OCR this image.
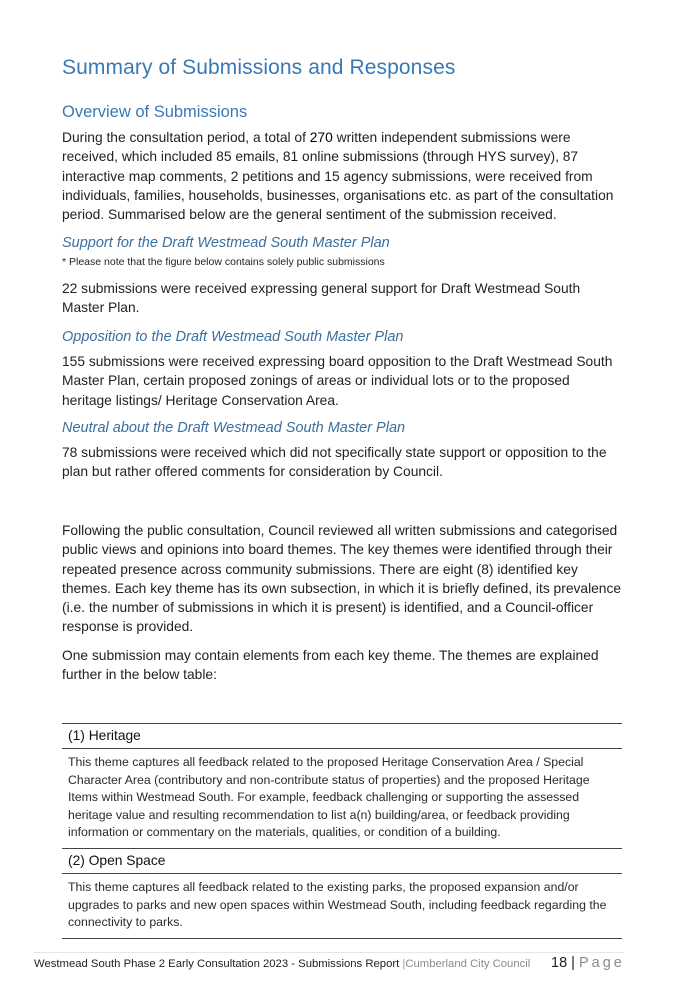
Summary of Submissions and Responses
Overview of Submissions

During the consultation period, a total of 270 written independent submissions were received, which included 85 emails, 81 online submissions (through HYS survey), 87 interactive map comments, 2 petitions and 15 agency submissions, were received from individuals, families, households, businesses, organisations etc. as part of the consultation period. Summarised below are the general sentiment of the submission received.

Support for the Draft Westmead South Master Plan
* Please note that the figure below contains solely public submissions

22 submissions were received expressing general support for Draft Westmead South Master Plan.

Opposition to the Draft Westmead South Master Plan

155 submissions were received expressing board opposition to the Draft Westmead South Master Plan, certain proposed zonings of areas or individual lots or to the proposed heritage listings/ Heritage Conservation Area.

Neutral about the Draft Westmead South Master Plan

78 submissions were received which did not specifically state support or opposition to the plan but rather offered comments for consideration by Council.

Following the public consultation, Council reviewed all written submissions and categorised public views and opinions into board themes. The key themes were identified through their repeated presence across community submissions. There are eight (8) identified key themes. Each key theme has its own subsection, in which it is briefly defined, its prevalence (i.e. the number of submissions in which it is present) is identified, and a Council-officer response is provided.

One submission may contain elements from each key theme. The themes are explained further in the below table:

(1) Heritage
This theme captures all feedback related to the proposed Heritage Conservation Area / Special Character Area (contributory and non-contribute status of properties) and the proposed Heritage Items within Westmead South. For example, feedback challenging or supporting the assessed heritage value and resulting recommendation to list a(n) building/area, or feedback providing information or commentary on the materials, qualities, or condition of a building.
(2) Open Space
This theme captures all feedback related to the existing parks, the proposed expansion and/or upgrades to parks and new open spaces within Westmead South, including feedback regarding the connectivity to parks.
Westmead South Phase 2 Early Consultation 2023 - Submissions Report |Cumberland City Council 18 | Page
